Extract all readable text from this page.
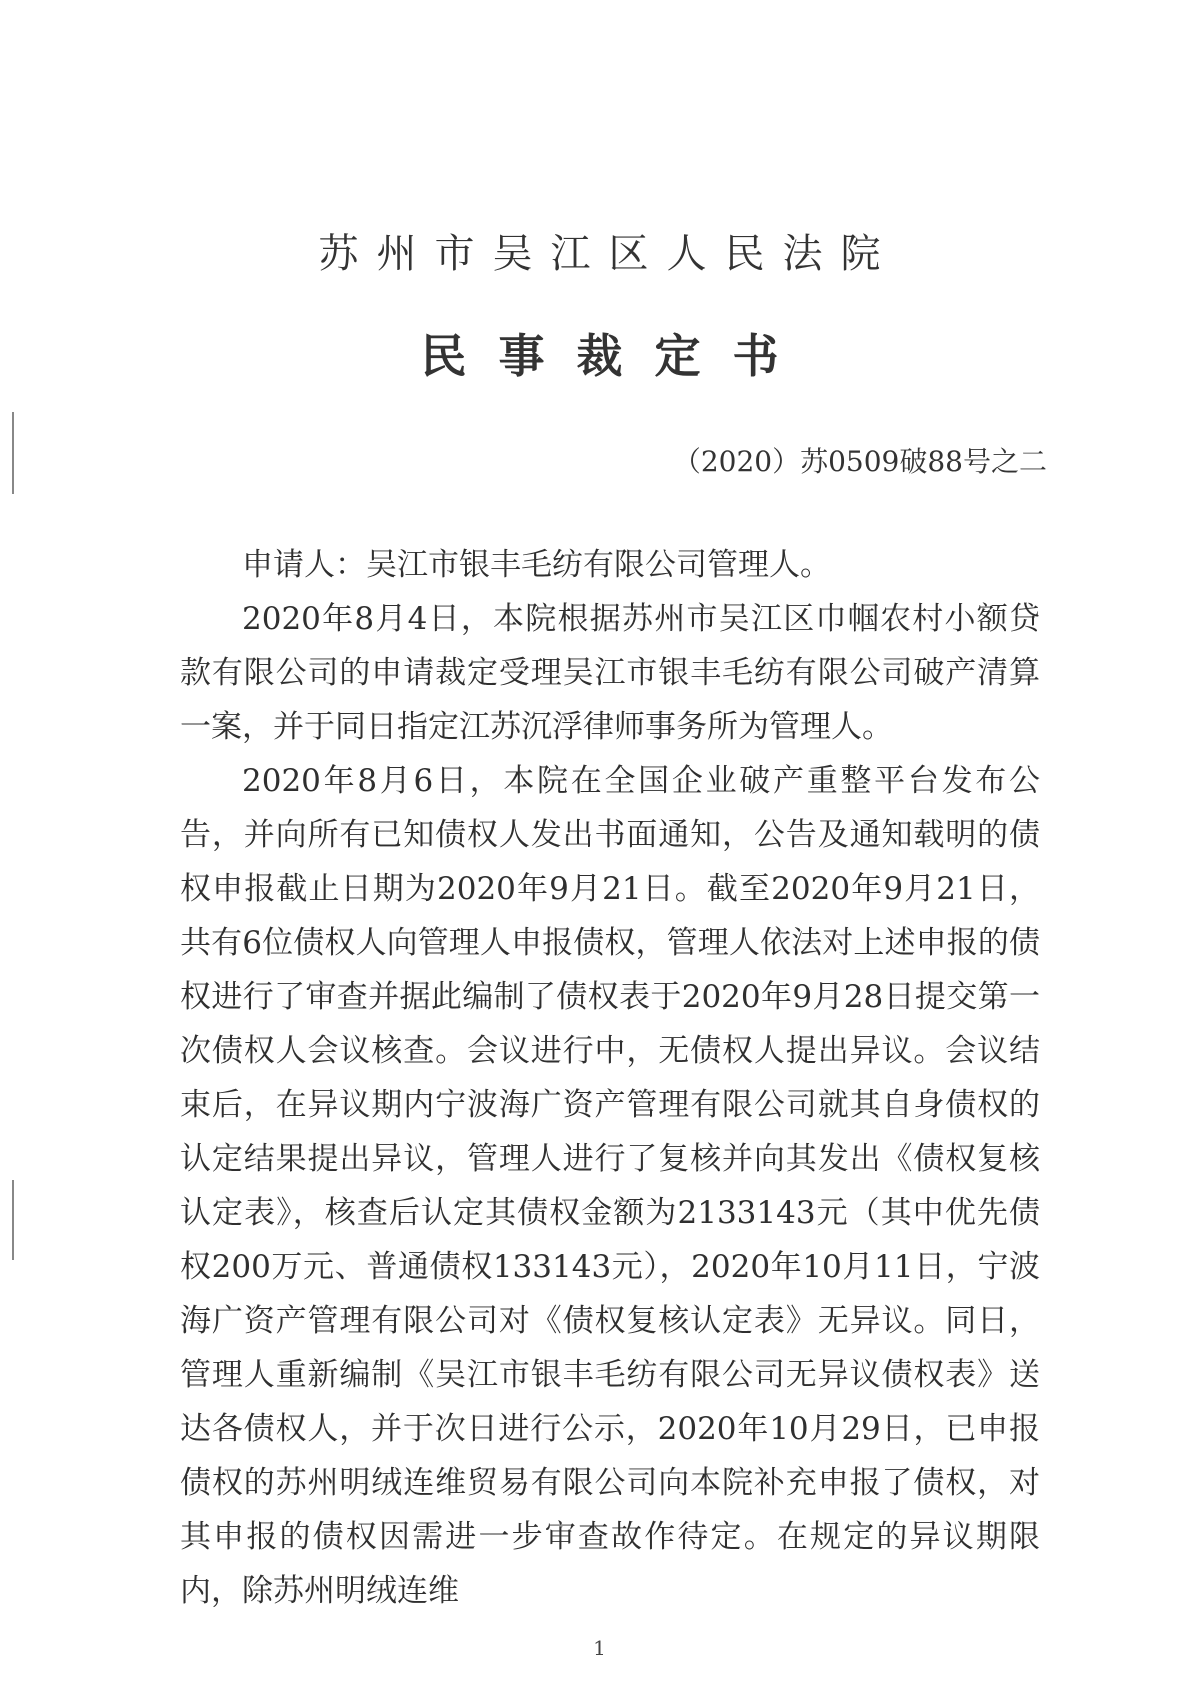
苏州市吴江区人民法院
民事裁定书
（2020）苏0509破88号之二

申请人：吴江市银丰毛纺有限公司管理人。

2020年8月4日，本院根据苏州市吴江区巾帼农村小额贷款有限公司的申请裁定受理吴江市银丰毛纺有限公司破产清算一案，并于同日指定江苏沉浮律师事务所为管理人。

2020年8月6日，本院在全国企业破产重整平台发布公告，并向所有已知债权人发出书面通知，公告及通知载明的债权申报截止日期为2020年9月21日。截至2020年9月21日，共有6位债权人向管理人申报债权，管理人依法对上述申报的债权进行了审查并据此编制了债权表于2020年9月28日提交第一次债权人会议核查。会议进行中，无债权人提出异议。会议结束后，在异议期内宁波海广资产管理有限公司就其自身债权的认定结果提出异议，管理人进行了复核并向其发出《债权复核认定表》，核查后认定其债权金额为2133143元（其中优先债权200万元、普通债权133143元），2020年10月11日，宁波海广资产管理有限公司对《债权复核认定表》无异议。同日，管理人重新编制《吴江市银丰毛纺有限公司无异议债权表》送达各债权人，并于次日进行公示，2020年10月29日，已申报债权的苏州明绒连维贸易有限公司向本院补充申报了债权，对其申报的债权因需进一步审查故作待定。在规定的异议期限内，除苏州明绒连维

1
